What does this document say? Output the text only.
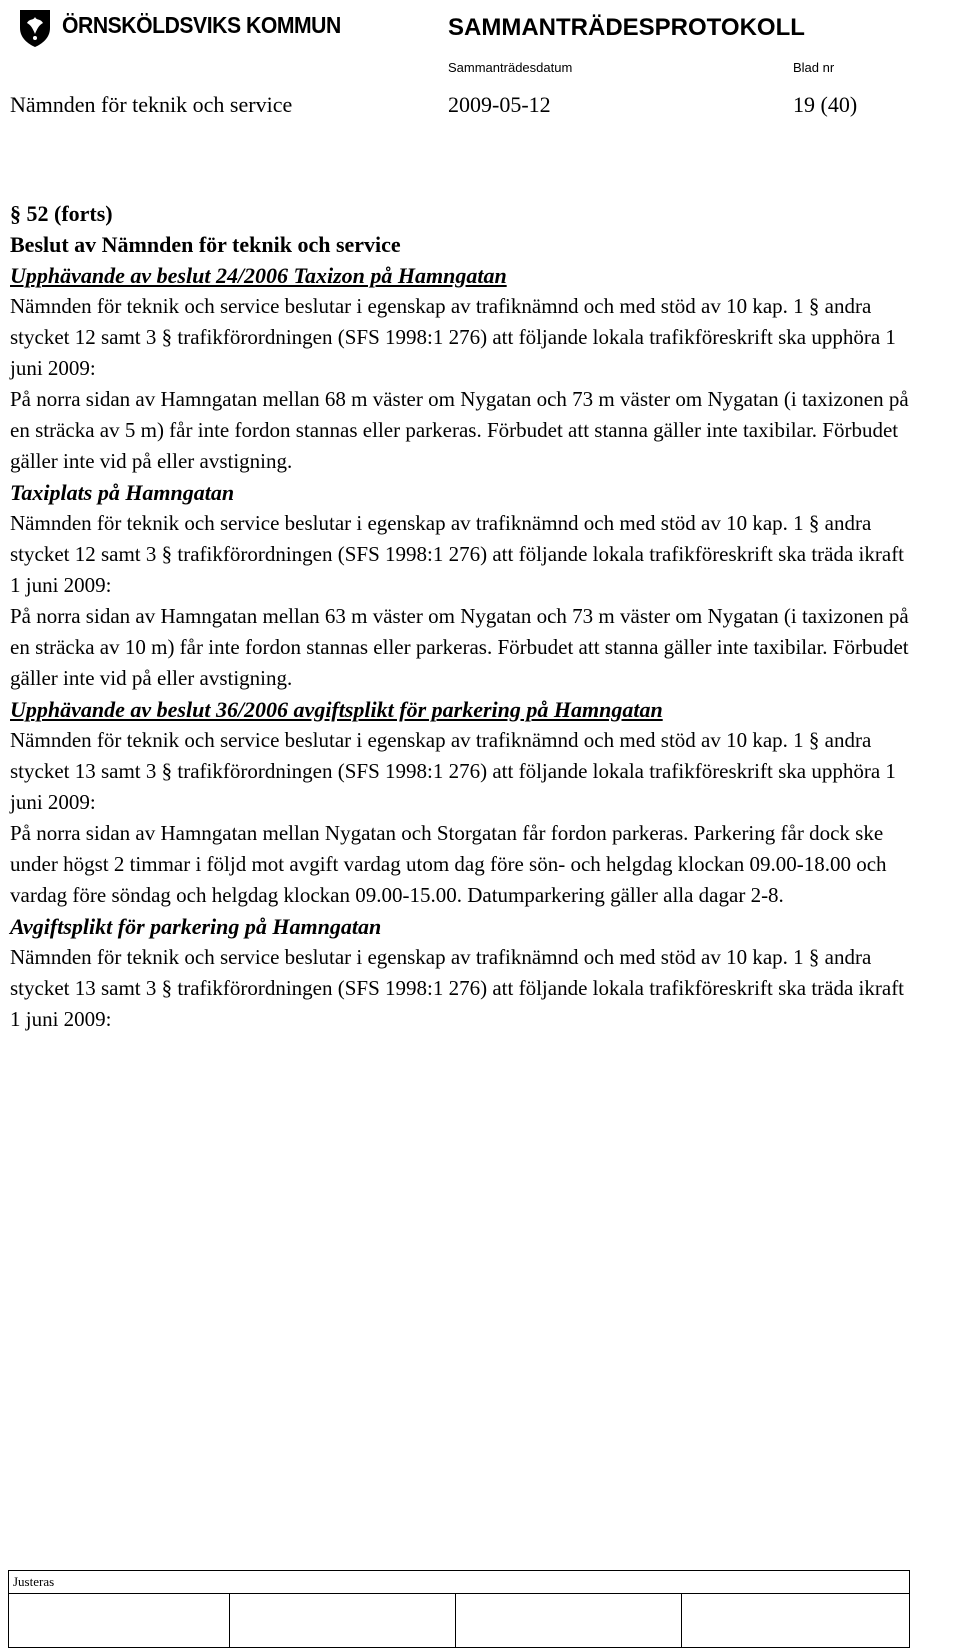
ÖRNSKÖLDSVIKS KOMMUN	SAMMANTRÄDESPROTOKOLL
Sammanträdesdatum	Blad nr
Nämnden för teknik och service	2009-05-12	19 (40)

§ 52 (forts)

Beslut av Nämnden för teknik och service

Upphävande av beslut 24/2006 Taxizon på Hamngatan

Nämnden för teknik och service beslutar i egenskap av trafiknämnd och med stöd av 10 kap. 1 § andra stycket 12 samt 3 § trafikförordningen (SFS 1998:1 276) att följande lokala trafikföreskrift ska upphöra 1 juni 2009:

På norra sidan av Hamngatan mellan 68 m väster om Nygatan och 73 m väster om Nygatan (i taxizonen på en sträcka av 5 m) får inte fordon stannas eller parkeras. Förbudet att stanna gäller inte taxibilar. Förbudet gäller inte vid på eller avstigning.

Taxiplats på Hamngatan

Nämnden för teknik och service beslutar i egenskap av trafiknämnd och med stöd av 10 kap. 1 § andra stycket 12 samt 3 § trafikförordningen (SFS 1998:1 276) att följande lokala trafikföreskrift ska träda ikraft 1 juni 2009:

På norra sidan av Hamngatan mellan 63 m väster om Nygatan och 73 m väster om Nygatan (i taxizonen på en sträcka av 10 m) får inte fordon stannas eller parkeras. Förbudet att stanna gäller inte taxibilar. Förbudet gäller inte vid på eller avstigning.

Upphävande av beslut 36/2006 avgiftsplikt för parkering på Hamngatan

Nämnden för teknik och service beslutar i egenskap av trafiknämnd och med stöd av 10 kap. 1 § andra stycket 13 samt 3 § trafikförordningen (SFS 1998:1 276) att följande lokala trafikföreskrift ska upphöra 1 juni 2009:

På norra sidan av Hamngatan mellan Nygatan och Storgatan får fordon parkeras. Parkering får dock ske under högst 2 timmar i följd mot avgift vardag utom dag före sön- och helgdag klockan 09.00-18.00 och vardag före söndag och helgdag klockan 09.00-15.00. Datumparkering gäller alla dagar 2-8.

Avgiftsplikt för parkering på Hamngatan

Nämnden för teknik och service beslutar i egenskap av trafiknämnd och med stöd av 10 kap. 1 § andra stycket 13 samt 3 § trafikförordningen (SFS 1998:1 276) att följande lokala trafikföreskrift ska träda ikraft 1 juni 2009:

Justeras
